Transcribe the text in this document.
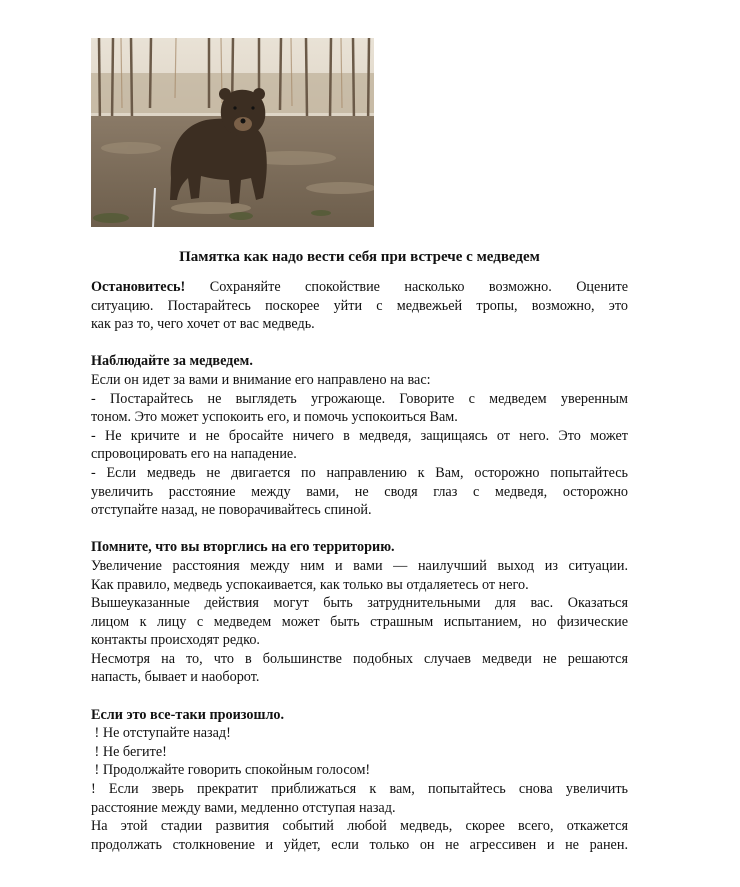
Памятка как надо вести себя при встрече с медведем

Остановитесь! Сохраняйте спокойствие насколько возможно. Оцените
ситуацию. Постарайтесь поскорее уйти с медвежьей тропы, возможно, это
как раз то, чего хочет от вас медведь.

Наблюдайте за медведем.
Если он идет за вами и внимание его направлено на вас:
- Постарайтесь не выглядеть угрожающе. Говорите с медведем уверенным
тоном. Это может успокоить его, и помочь успокоиться Вам.
- Не кричите и не бросайте ничего в медведя, защищаясь от него. Это может
спровоцировать его на нападение.
- Если медведь не двигается по направлению к Вам, осторожно попытайтесь
увеличить расстояние между вами, не сводя глаз с медведя, осторожно
отступайте назад, не поворачивайтесь спиной.

Помните, что вы вторглись на его территорию.
Увеличение расстояния между ним и вами — наилучший выход из ситуации.
Как правило, медведь успокаивается, как только вы отдаляетесь от него.
Вышеуказанные действия могут быть затруднительными для вас. Оказаться
лицом к лицу с медведем может быть страшным испытанием, но физические
контакты происходят редко.
Несмотря на то, что в большинстве подобных случаев медведи не решаются
напасть, бывает и наоборот.

Если это все-таки произошло.
! Не отступайте назад!
! Не бегите!
! Продолжайте говорить спокойным голосом!
! Если зверь прекратит приближаться к вам, попытайтесь снова увеличить
расстояние между вами, медленно отступая назад.
На этой стадии развития событий любой медведь, скорее всего, откажется
продолжать столкновение и уйдет, если только он не агрессивен и не ранен.
